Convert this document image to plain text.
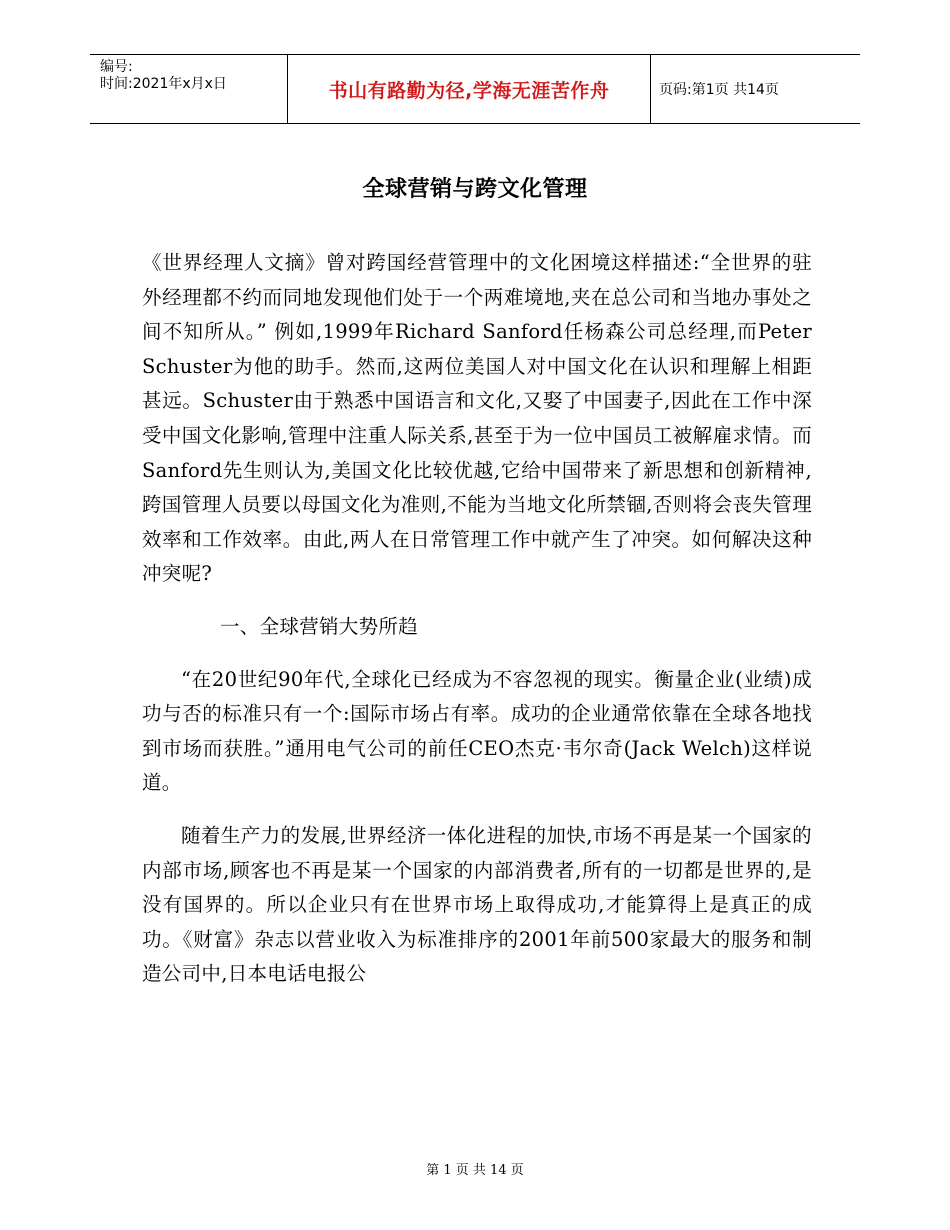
编号:
时间:2021年x月x日	书山有路勤为径,学海无涯苦作舟	页码:第1页 共14页
全球营销与跨文化管理

《世界经理人文摘》曾对跨国经营管理中的文化困境这样描述:“全世界的驻外经理都不约而同地发现他们处于一个两难境地,夹在总公司和当地办事处之间不知所从。” 例如,1999年Richard Sanford任杨森公司总经理,而Peter Schuster为他的助手。然而,这两位美国人对中国文化在认识和理解上相距甚远。Schuster由于熟悉中国语言和文化,又娶了中国妻子,因此在工作中深受中国文化影响,管理中注重人际关系,甚至于为一位中国员工被解雇求情。而Sanford先生则认为,美国文化比较优越,它给中国带来了新思想和创新精神,跨国管理人员要以母国文化为准则,不能为当地文化所禁锢,否则将会丧失管理效率和工作效率。由此,两人在日常管理工作中就产生了冲突。如何解决这种冲突呢?

一、全球营销大势所趋

“在20世纪90年代,全球化已经成为不容忽视的现实。衡量企业(业绩)成功与否的标准只有一个:国际市场占有率。成功的企业通常依靠在全球各地找到市场而获胜。”通用电气公司的前任CEO杰克·韦尔奇(Jack Welch)这样说道。

随着生产力的发展,世界经济一体化进程的加快,市场不再是某一个国家的内部市场,顾客也不再是某一个国家的内部消费者,所有的一切都是世界的,是没有国界的。所以企业只有在世界市场上取得成功,才能算得上是真正的成功。《财富》杂志以营业收入为标准排序的2001年前500家最大的服务和制造公司中,日本电话电报公

第 1 页 共 14 页
